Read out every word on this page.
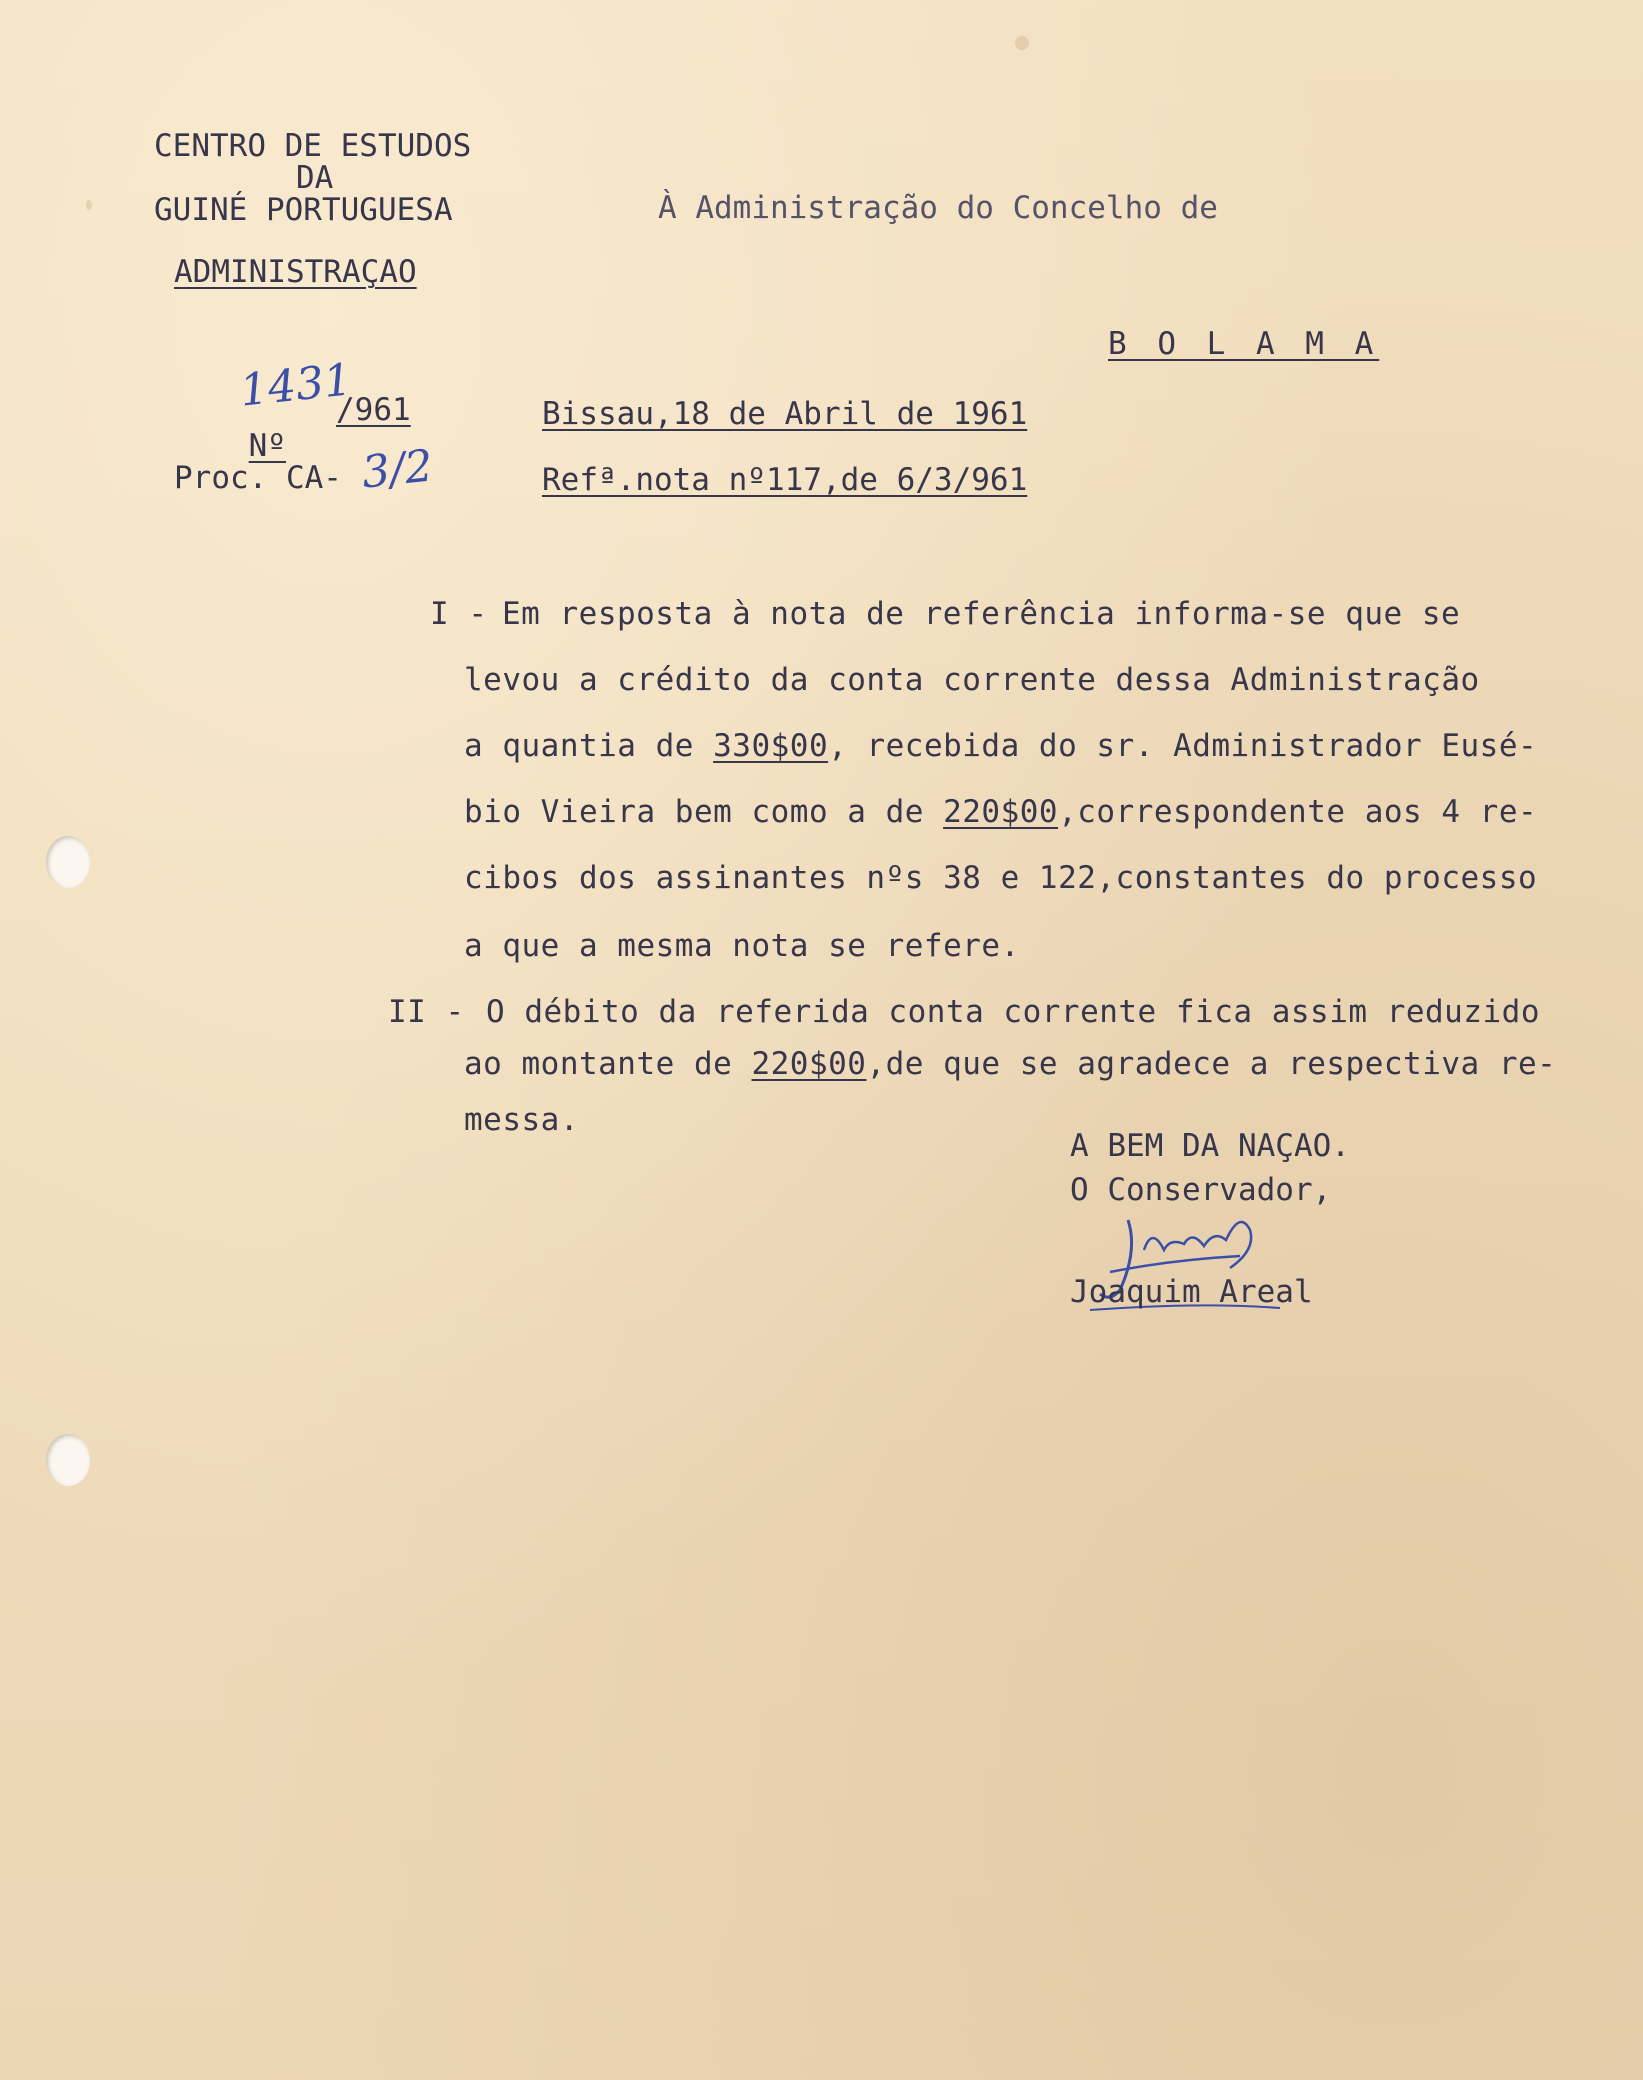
CENTRO DE ESTUDOS
DA
GUINÉ PORTUGUESA
ADMINISTRAÇAO
À Administração do Concelho de
B O L A M A

Nº

1431
/961
Proc. CA- 3/2
Bissau,18 de Abril de 1961
Refª.nota nº117,de 6/3/961
I - Em resposta à nota de referência informa-se que se
levou a crédito da conta corrente dessa Administração
a quantia de 330$00, recebida do sr. Administrador Eusé-
bio Vieira bem como a de 220$00,correspondente aos 4 re-
cibos dos assinantes nºs 38 e 122,constantes do processo
a que a mesma nota se refere.
II - O débito da referida conta corrente fica assim reduzido
ao montante de 220$00,de que se agradece a respectiva re-
messa.
A BEM DA NAÇAO.
O Conservador,
Joaquim Areal
